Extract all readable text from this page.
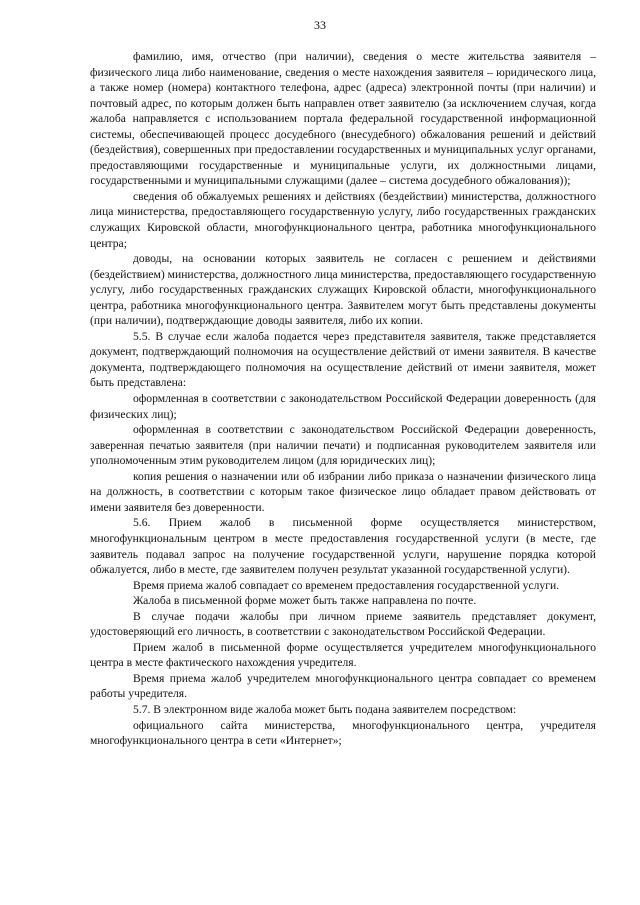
33

фамилию, имя, отчество (при наличии), сведения о месте жительства заявителя – физического лица либо наименование, сведения о месте нахождения заявителя – юридического лица, а также номер (номера) контактного телефона, адрес (адреса) электронной почты (при наличии) и почтовый адрес, по которым должен быть направлен ответ заявителю (за исключением случая, когда жалоба направляется с использованием портала федеральной государственной информационной системы, обеспечивающей процесс досудебного (внесудебного) обжалования решений и действий (бездействия), совершенных при предоставлении государственных и муниципальных услуг органами, предоставляющими государственные и муниципальные услуги, их должностными лицами, государственными и муниципальными служащими (далее – система досудебного обжалования));

сведения об обжалуемых решениях и действиях (бездействии) министерства, должностного лица министерства, предоставляющего государственную услугу, либо государственных гражданских служащих Кировской области, многофункционального центра, работника многофункционального центра;

доводы, на основании которых заявитель не согласен с решением и действиями (бездействием) министерства, должностного лица министерства, предоставляющего государственную услугу, либо государственных гражданских служащих Кировской области, многофункционального центра, работника многофункционального центра. Заявителем могут быть представлены документы (при наличии), подтверждающие доводы заявителя, либо их копии.

5.5. В случае если жалоба подается через представителя заявителя, также представляется документ, подтверждающий полномочия на осуществление действий от имени заявителя. В качестве документа, подтверждающего полномочия на осуществление действий от имени заявителя, может быть представлена:

оформленная в соответствии с законодательством Российской Федерации доверенность (для физических лиц);

оформленная в соответствии с законодательством Российской Федерации доверенность, заверенная печатью заявителя (при наличии печати) и подписанная руководителем заявителя или уполномоченным этим руководителем лицом (для юридических лиц);

копия решения о назначении или об избрании либо приказа о назначении физического лица на должность, в соответствии с которым такое физическое лицо обладает правом действовать от имени заявителя без доверенности.

5.6. Прием жалоб в письменной форме осуществляется министерством, многофункциональным центром в месте предоставления государственной услуги (в месте, где заявитель подавал запрос на получение государственной услуги, нарушение порядка которой обжалуется, либо в месте, где заявителем получен результат указанной государственной услуги).

Время приема жалоб совпадает со временем предоставления государственной услуги.

Жалоба в письменной форме может быть также направлена по почте.

В случае подачи жалобы при личном приеме заявитель представляет документ, удостоверяющий его личность, в соответствии с законодательством Российской Федерации.

Прием жалоб в письменной форме осуществляется учредителем многофункционального центра в месте фактического нахождения учредителя.

Время приема жалоб учредителем многофункционального центра совпадает со временем работы учредителя.

5.7. В электронном виде жалоба может быть подана заявителем посредством:

официального сайта министерства, многофункционального центра, учредителя многофункционального центра в сети «Интернет»;
